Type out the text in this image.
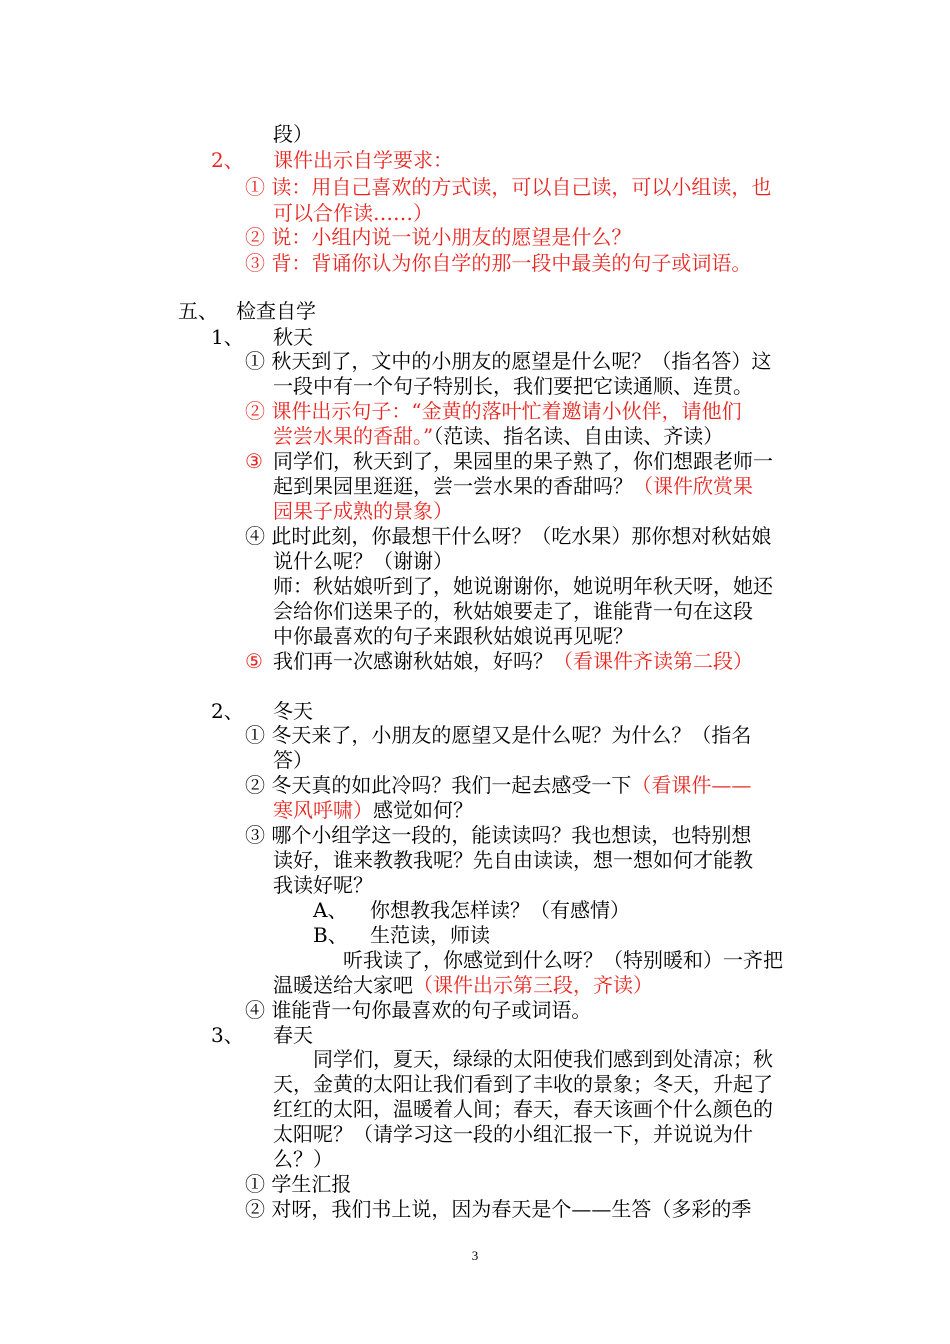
段）
2、 课件出示自学要求：
① 读：用自己喜欢的方式读，可以自己读，可以小组读，也
可以合作读……）
② 说：小组内说一说小朋友的愿望是什么？
③ 背：背诵你认为你自学的那一段中最美的句子或词语。
五、 检查自学
1、 秋天
① 秋天到了，文中的小朋友的愿望是什么呢？（指名答）这
一段中有一个句子特别长，我们要把它读通顺、连贯。
② 课件出示句子：“金黄的落叶忙着邀请小伙伴，请他们
尝尝水果的香甜。”（范读、指名读、自由读、齐读）
③ 同学们，秋天到了，果园里的果子熟了，你们想跟老师一
起到果园里逛逛，尝一尝水果的香甜吗？（课件欣赏果
园果子成熟的景象）
④ 此时此刻，你最想干什么呀？（吃水果）那你想对秋姑娘
说什么呢？（谢谢）
师：秋姑娘听到了，她说谢谢你，她说明年秋天呀，她还
会给你们送果子的，秋姑娘要走了，谁能背一句在这段
中你最喜欢的句子来跟秋姑娘说再见呢？
⑤ 我们再一次感谢秋姑娘，好吗？（看课件齐读第二段）
2、 冬天
① 冬天来了，小朋友的愿望又是什么呢？为什么？（指名
答）
② 冬天真的如此冷吗？我们一起去感受一下（看课件——
寒风呼啸）感觉如何？
③ 哪个小组学这一段的，能读读吗？我也想读，也特别想
读好，谁来教教我呢？先自由读读，想一想如何才能教
我读好呢？
A、 你想教我怎样读？（有感情）
B、 生范读，师读
听我读了，你感觉到什么呀？（特别暖和）一齐把
温暖送给大家吧（课件出示第三段，齐读）
④ 谁能背一句你最喜欢的句子或词语。
3、 春天
同学们，夏天，绿绿的太阳使我们感到到处清凉；秋
天，金黄的太阳让我们看到了丰收的景象；冬天，升起了
红红的太阳，温暖着人间；春天，春天该画个什么颜色的
太阳呢？（请学习这一段的小组汇报一下，并说说为什
么？）
① 学生汇报
② 对呀，我们书上说，因为春天是个——生答（多彩的季
3
